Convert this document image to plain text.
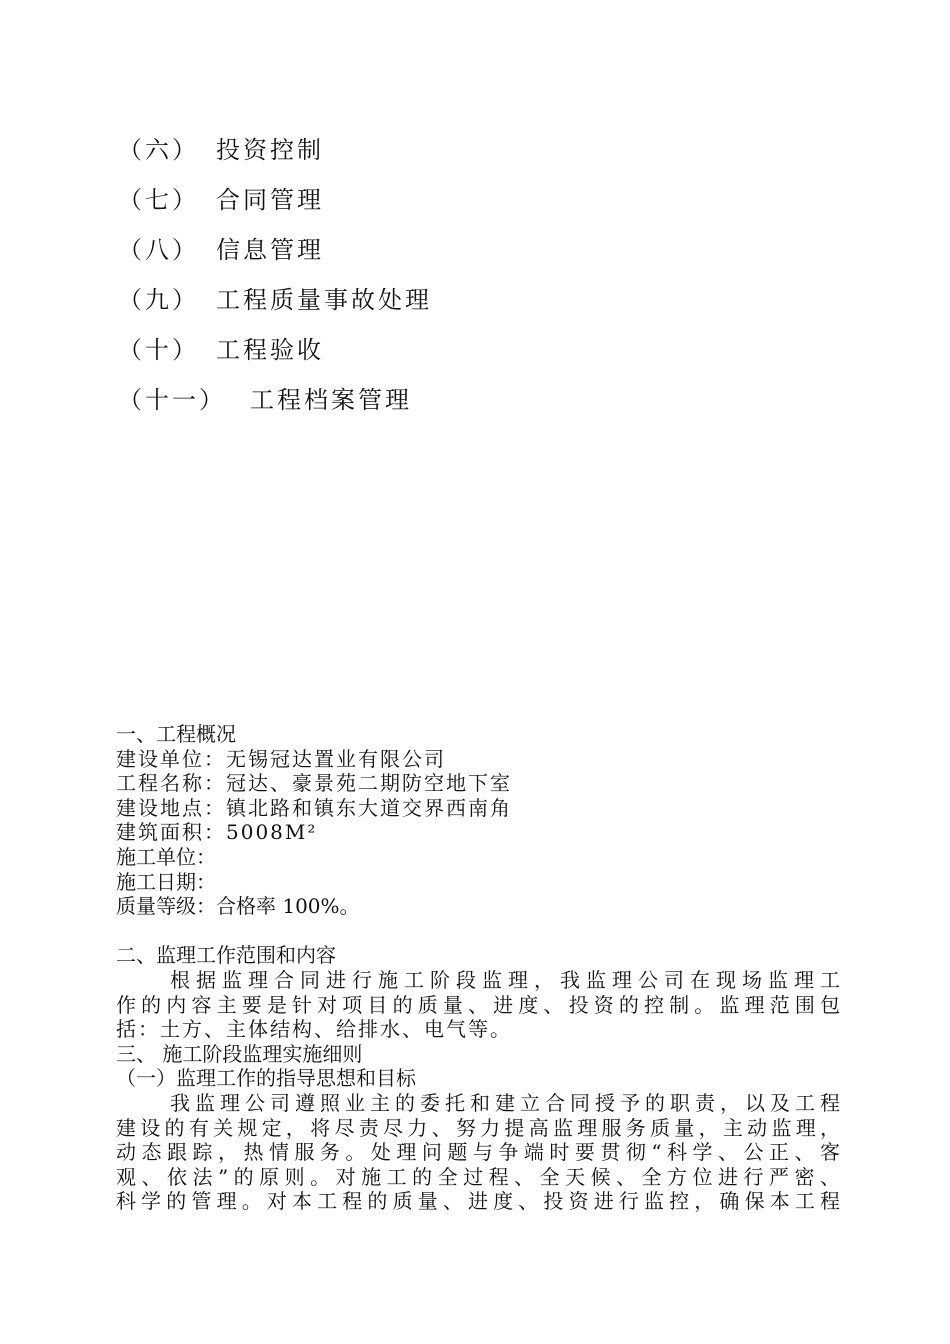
（六） 投资控制
（七） 合同管理
（八） 信息管理
（九） 工程质量事故处理
（十） 工程验收
（十一） 工程档案管理
一、工程概况
建设单位：无锡冠达置业有限公司
工程名称：冠达、豪景苑二期防空地下室
建设地点：镇北路和镇东大道交界西南角
建筑面积：5008M²
施工单位：
施工日期：
质量等级：合格率 100%。
二、监理工作范围和内容
根据监理合同进行施工阶段监理，我监理公司在现场监理工
作的内容主要是针对项目的质量、进度、投资的控制。监理范围包
括：土方、主体结构、给排水、电气等。
三、 施工阶段监理实施细则
（一）监理工作的指导思想和目标
我监理公司遵照业主的委托和建立合同授予的职责，以及工程
建设的有关规定，将尽责尽力、努力提高监理服务质量，主动监理，
动态跟踪，热情服务。处理问题与争端时要贯彻“科学、公正、客
观、依法”的原则。对施工的全过程、全天候、全方位进行严密、
科学的管理。对本工程的质量、进度、投资进行监控，确保本工程
